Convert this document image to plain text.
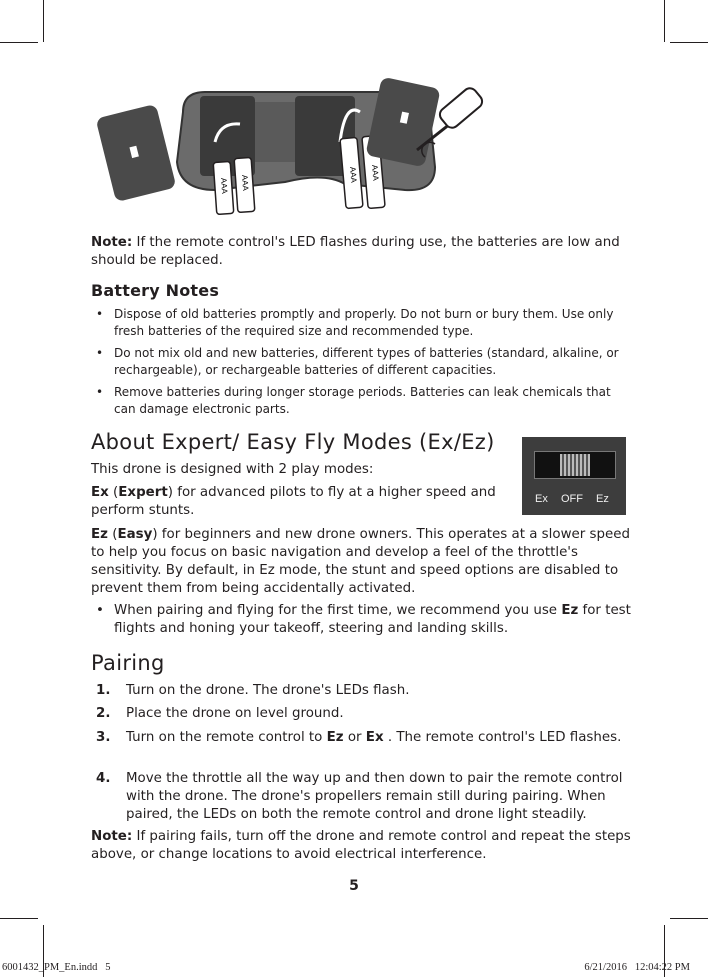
AAA AAA	AAA AAA
Note: If the remote control's LED flashes during use, the batteries are low and should be replaced.
Battery Notes
• Dispose of old batteries promptly and properly. Do not burn or bury them. Use only fresh batteries of the required size and recommended type.
• Do not mix old and new batteries, different types of batteries (standard, alkaline, or rechargeable), or rechargeable batteries of different capacities.
• Remove batteries during longer storage periods. Batteries can leak chemicals that can damage electronic parts.
About Expert/ Easy Fly Modes (Ex/Ez)
This drone is designed with 2 play modes:
Ex (Expert) for advanced pilots to fly at a higher speed and perform stunts.
Ex OFF Ez
Ez (Easy) for beginners and new drone owners. This operates at a slower speed to help you focus on basic navigation and develop a feel of the throttle's sensitivity. By default, in Ez mode, the stunt and speed options are disabled to prevent them from being accidentally activated.
• When pairing and flying for the first time, we recommend you use Ez for test flights and honing your takeoff, steering and landing skills.
Pairing
1. Turn on the drone. The drone's LEDs flash.
2. Place the drone on level ground.
3. Turn on the remote control to Ez or Ex . The remote control's LED flashes.
4. Move the throttle all the way up and then down to pair the remote control with the drone. The drone's propellers remain still during pairing. When paired, the LEDs on both the remote control and drone light steadily.
Note: If pairing fails, turn off the drone and remote control and repeat the steps above, or change locations to avoid electrical interference.
5
6001432_PM_En.indd   5	6/21/2016   12:04:22 PM
